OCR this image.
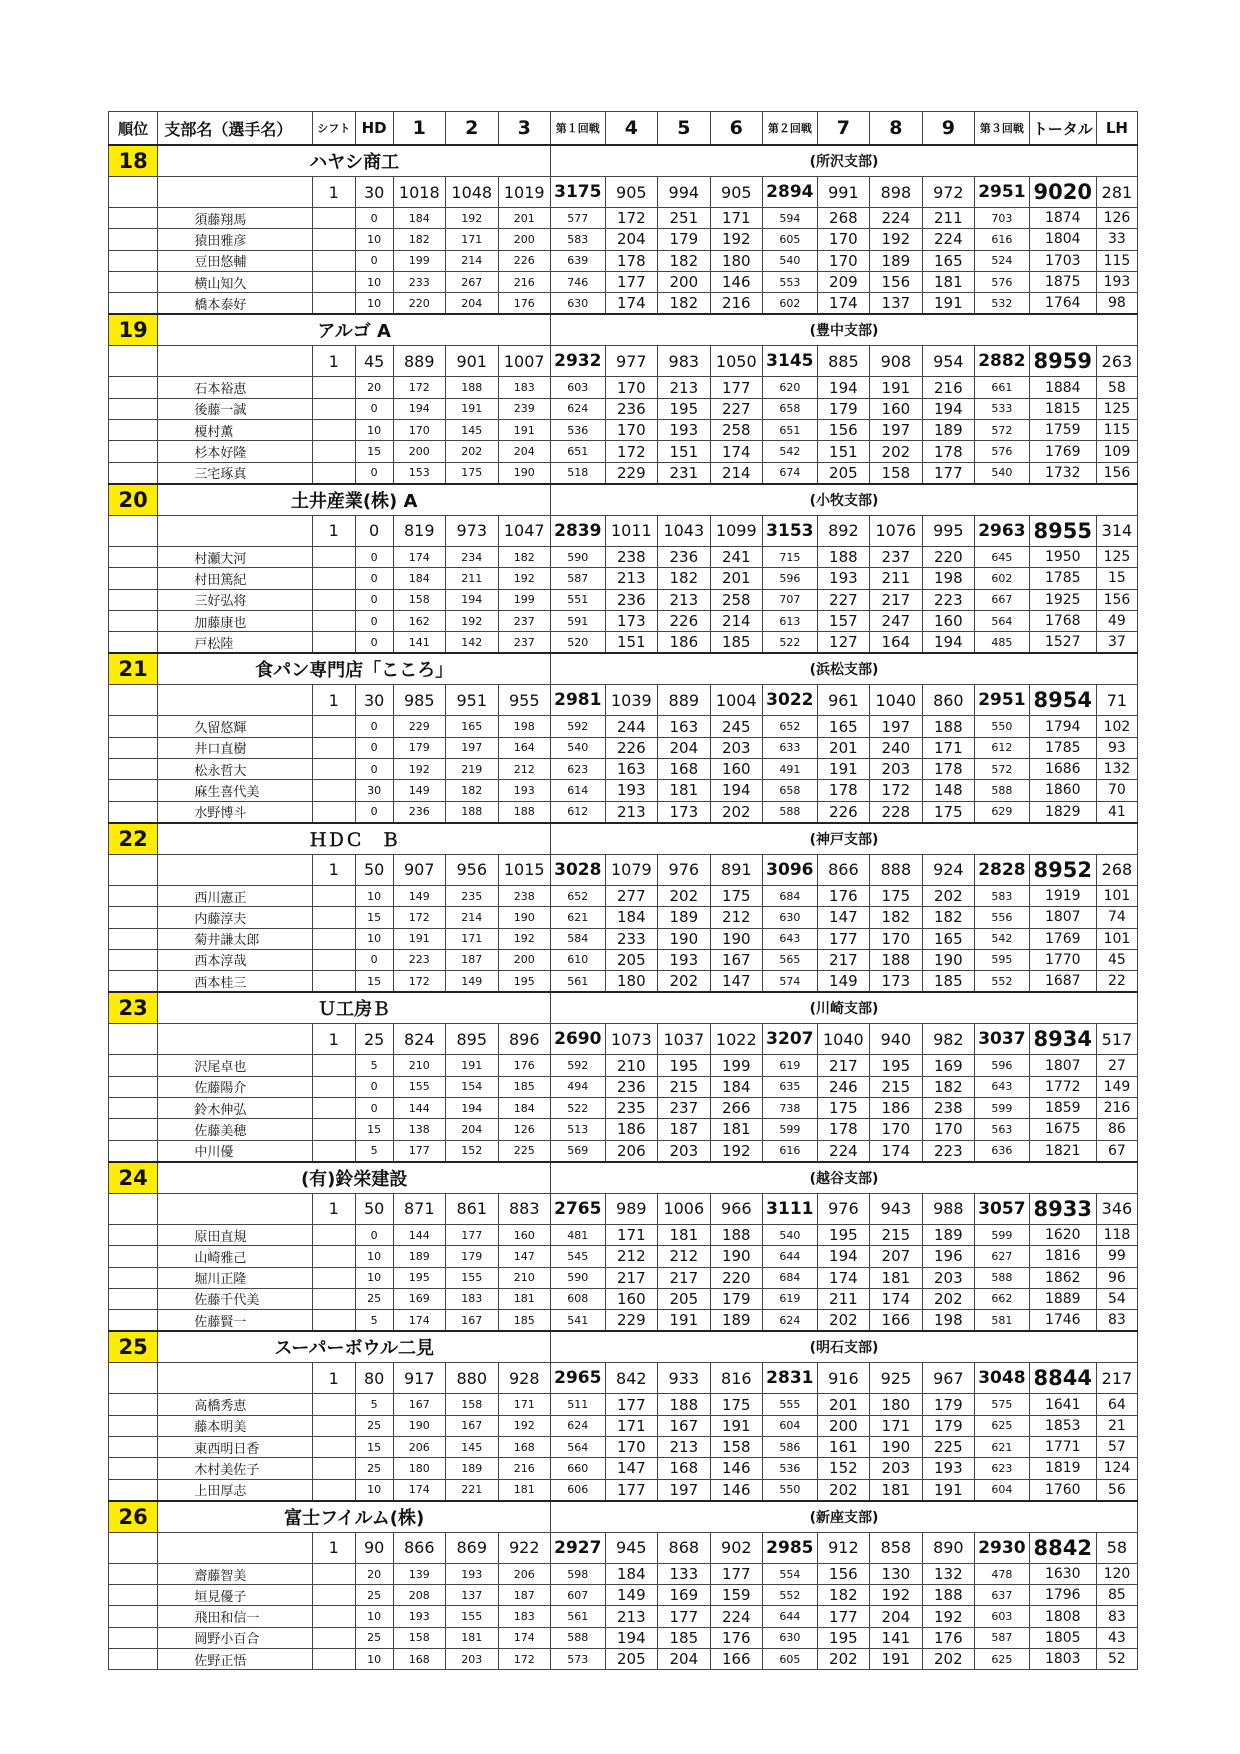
順位	支部名（選手名）	シフト	HD	1	2	3	第１回戦	4	5	6	第２回戦	7	8	9	第３回戦	トータル	LH
18	ハヤシ商工						(所沢支部)										
		1	30	1018	1048	1019	3175	905	994	905	2894	991	898	972	2951	9020	281
	須藤翔馬		0	184	192	201	577	172	251	171	594	268	224	211	703	1874	126
	猿田雅彦		10	182	171	200	583	204	179	192	605	170	192	224	616	1804	33
	豆田悠輔		0	199	214	226	639	178	182	180	540	170	189	165	524	1703	115
	横山知久		10	233	267	216	746	177	200	146	553	209	156	181	576	1875	193
	橋本泰好		10	220	204	176	630	174	182	216	602	174	137	191	532	1764	98
19	アルゴ A						(豊中支部)										
		1	45	889	901	1007	2932	977	983	1050	3145	885	908	954	2882	8959	263
	石本裕恵		20	172	188	183	603	170	213	177	620	194	191	216	661	1884	58
	後藤一誠		0	194	191	239	624	236	195	227	658	179	160	194	533	1815	125
	榎村薫		10	170	145	191	536	170	193	258	651	156	197	189	572	1759	115
	杉本好隆		15	200	202	204	651	172	151	174	542	151	202	178	576	1769	109
	三宅琢真		0	153	175	190	518	229	231	214	674	205	158	177	540	1732	156
20	土井産業(株) A						(小牧支部)										
		1	0	819	973	1047	2839	1011	1043	1099	3153	892	1076	995	2963	8955	314
	村瀬大河		0	174	234	182	590	238	236	241	715	188	237	220	645	1950	125
	村田篤紀		0	184	211	192	587	213	182	201	596	193	211	198	602	1785	15
	三好弘将		0	158	194	199	551	236	213	258	707	227	217	223	667	1925	156
	加藤康也		0	162	192	237	591	173	226	214	613	157	247	160	564	1768	49
	戸松陸		0	141	142	237	520	151	186	185	522	127	164	194	485	1527	37
21	食パン専門店「こころ」						(浜松支部)										
		1	30	985	951	955	2981	1039	889	1004	3022	961	1040	860	2951	8954	71
	久留悠輝		0	229	165	198	592	244	163	245	652	165	197	188	550	1794	102
	井口直樹		0	179	197	164	540	226	204	203	633	201	240	171	612	1785	93
	松永哲大		0	192	219	212	623	163	168	160	491	191	203	178	572	1686	132
	麻生喜代美		30	149	182	193	614	193	181	194	658	178	172	148	588	1860	70
	水野博斗		0	236	188	188	612	213	173	202	588	226	228	175	629	1829	41
22	ＨＤＣ　Ｂ						(神戸支部)										
		1	50	907	956	1015	3028	1079	976	891	3096	866	888	924	2828	8952	268
	西川憲正		10	149	235	238	652	277	202	175	684	176	175	202	583	1919	101
	内藤淳夫		15	172	214	190	621	184	189	212	630	147	182	182	556	1807	74
	菊井謙太郎		10	191	171	192	584	233	190	190	643	177	170	165	542	1769	101
	西本淳哉		0	223	187	200	610	205	193	167	565	217	188	190	595	1770	45
	西本桂三		15	172	149	195	561	180	202	147	574	149	173	185	552	1687	22
23	Ｕ工房Ｂ						(川崎支部)										
		1	25	824	895	896	2690	1073	1037	1022	3207	1040	940	982	3037	8934	517
	沢尾卓也		5	210	191	176	592	210	195	199	619	217	195	169	596	1807	27
	佐藤陽介		0	155	154	185	494	236	215	184	635	246	215	182	643	1772	149
	鈴木伸弘		0	144	194	184	522	235	237	266	738	175	186	238	599	1859	216
	佐藤美穂		15	138	204	126	513	186	187	181	599	178	170	170	563	1675	86
	中川優		5	177	152	225	569	206	203	192	616	224	174	223	636	1821	67
24	(有)鈴栄建設						(越谷支部)										
		1	50	871	861	883	2765	989	1006	966	3111	976	943	988	3057	8933	346
	原田直規		0	144	177	160	481	171	181	188	540	195	215	189	599	1620	118
	山崎雅己		10	189	179	147	545	212	212	190	644	194	207	196	627	1816	99
	堀川正隆		10	195	155	210	590	217	217	220	684	174	181	203	588	1862	96
	佐藤千代美		25	169	183	181	608	160	205	179	619	211	174	202	662	1889	54
	佐藤賢一		5	174	167	185	541	229	191	189	624	202	166	198	581	1746	83
25	スーパーボウル二見						(明石支部)										
		1	80	917	880	928	2965	842	933	816	2831	916	925	967	3048	8844	217
	高橋秀恵		5	167	158	171	511	177	188	175	555	201	180	179	575	1641	64
	藤本明美		25	190	167	192	624	171	167	191	604	200	171	179	625	1853	21
	東西明日香		15	206	145	168	564	170	213	158	586	161	190	225	621	1771	57
	木村美佐子		25	180	189	216	660	147	168	146	536	152	203	193	623	1819	124
	上田厚志		10	174	221	181	606	177	197	146	550	202	181	191	604	1760	56
26	富士フイルム(株)						(新座支部)										
		1	90	866	869	922	2927	945	868	902	2985	912	858	890	2930	8842	58
	齋藤智美		20	139	193	206	598	184	133	177	554	156	130	132	478	1630	120
	垣見優子		25	208	137	187	607	149	169	159	552	182	192	188	637	1796	85
	飛田和信一		10	193	155	183	561	213	177	224	644	177	204	192	603	1808	83
	岡野小百合		25	158	181	174	588	194	185	176	630	195	141	176	587	1805	43
	佐野正悟		10	168	203	172	573	205	204	166	605	202	191	202	625	1803	52
